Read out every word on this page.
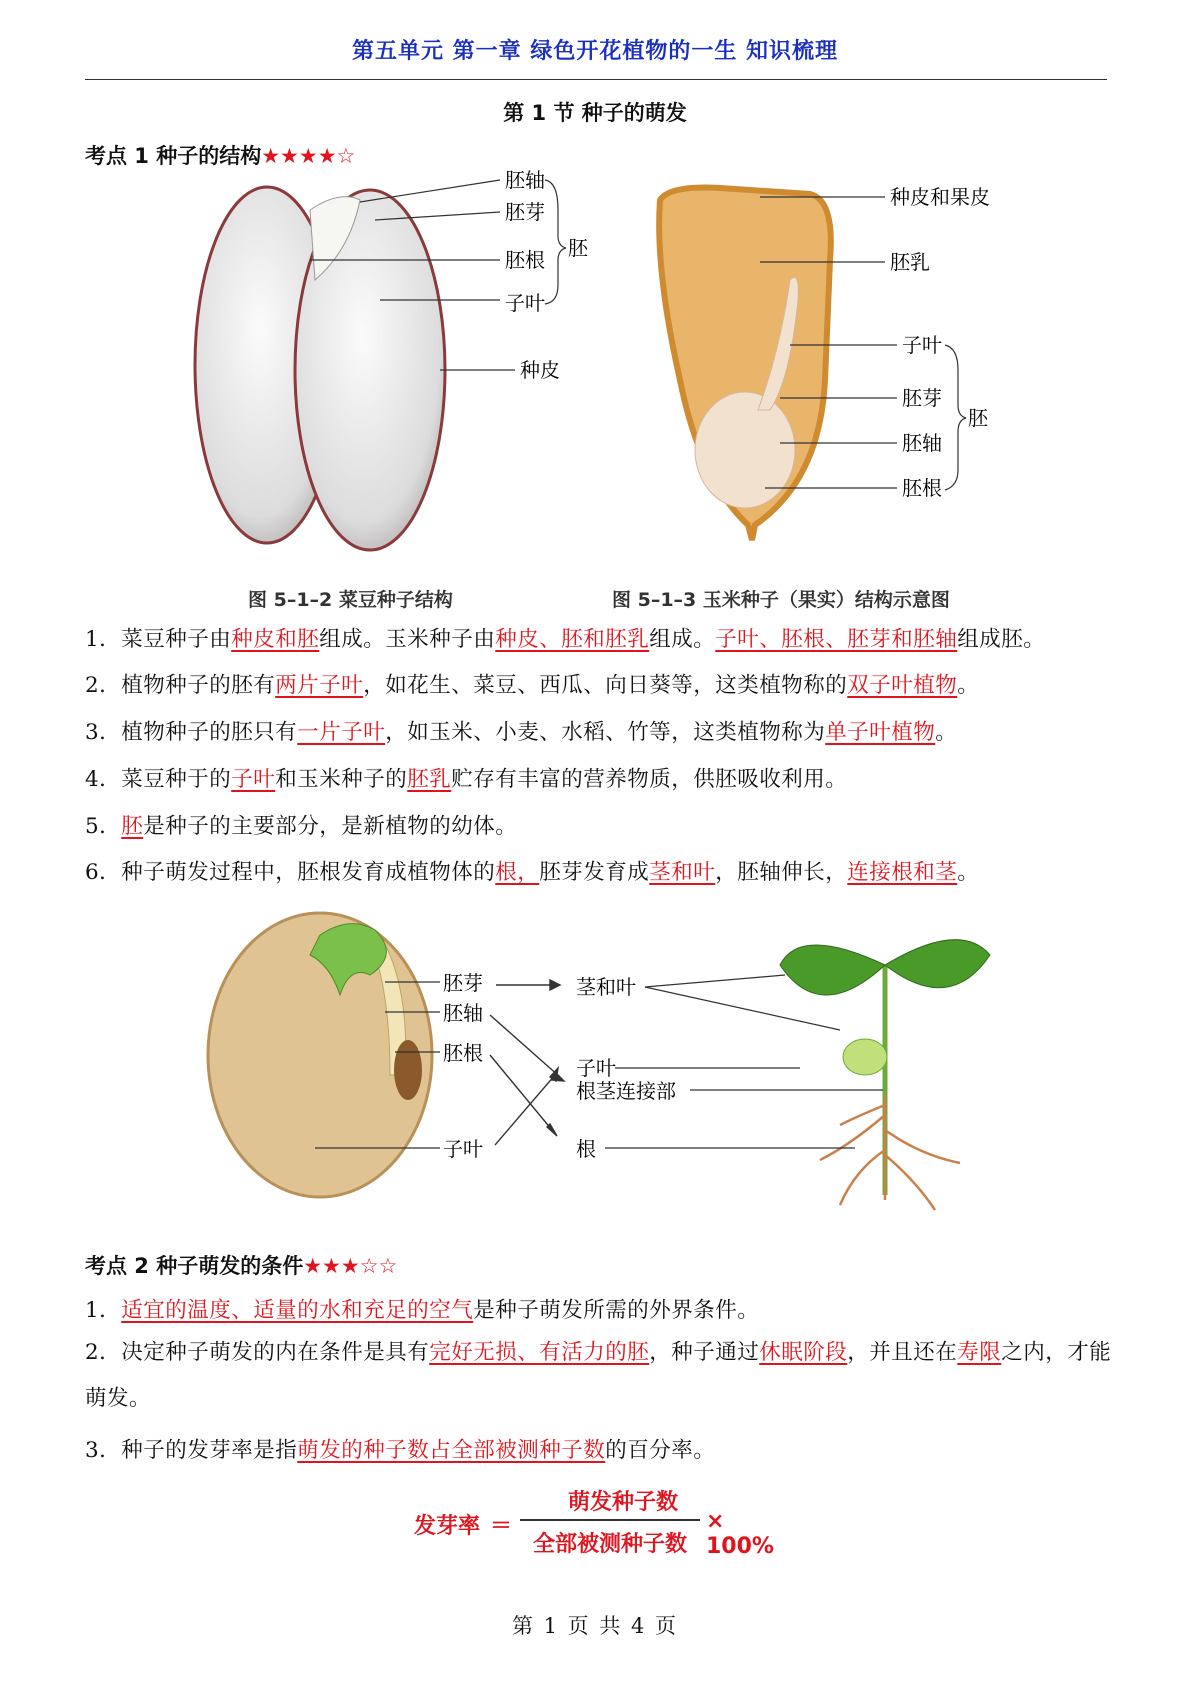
第五单元 第一章 绿色开花植物的一生 知识梳理
第 1 节 种子的萌发
考点 1 种子的结构★★★★☆
胚轴
胚芽
胚根
子叶
胚
种皮
图 5–1–2 菜豆种子结构
种皮和果皮
胚乳
子叶
胚芽
胚轴
胚根
胚
图 5–1–3 玉米种子（果实）结构示意图
1．菜豆种子由种皮和胚组成。玉米种子由种皮、胚和胚乳组成。子叶、胚根、胚芽和胚轴组成胚。
2．植物种子的胚有两片子叶，如花生、菜豆、西瓜、向日葵等，这类植物称的双子叶植物。
3．植物种子的胚只有一片子叶，如玉米、小麦、水稻、竹等，这类植物称为单子叶植物。
4．菜豆种于的子叶和玉米种子的胚乳贮存有丰富的营养物质，供胚吸收利用。
5．胚是种子的主要部分，是新植物的幼体。
6．种子萌发过程中，胚根发育成植物体的根，胚芽发育成茎和叶，胚轴伸长，连接根和茎。
胚芽
胚轴
胚根
子叶
茎和叶
子叶
根茎连接部
根
考点 2 种子萌发的条件★★★☆☆
1．适宜的温度、适量的水和充足的空气是种子萌发所需的外界条件。
2．决定种子萌发的内在条件是具有完好无损、有活力的胚，种子通过休眠阶段，并且还在寿限之内，才能萌发。
3．种子的发芽率是指萌发的种子数占全部被测种子数的百分率。
发芽率 ＝
萌发种子数
全部被测种子数
× 100%
第 1 页 共 4 页
